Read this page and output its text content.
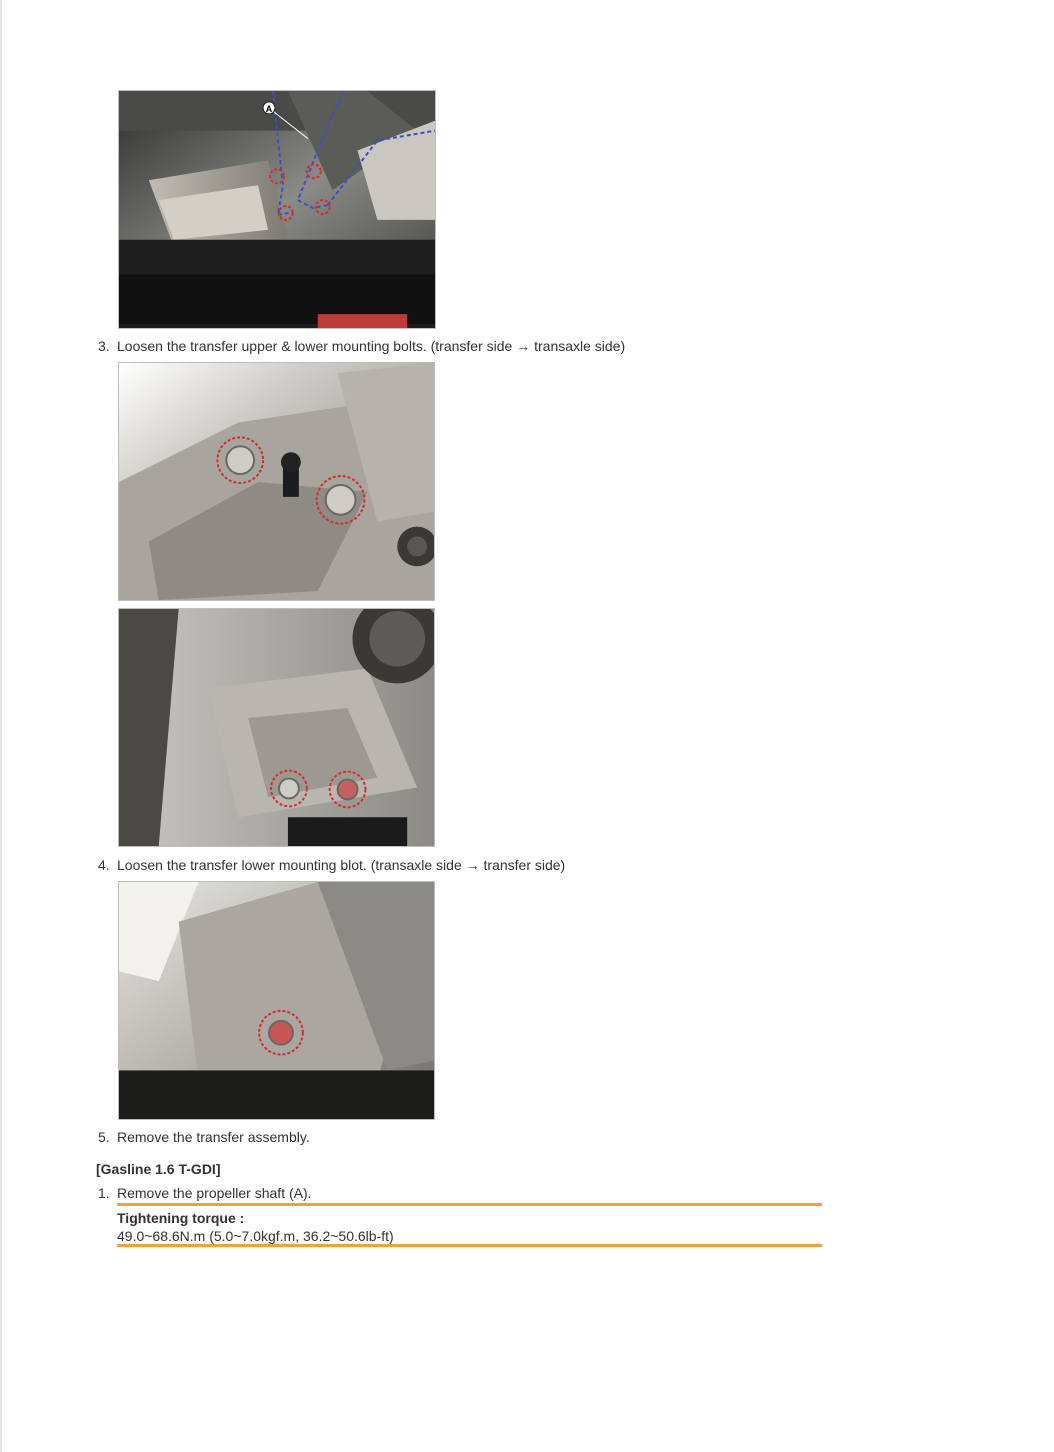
A
3. Loosen the transfer upper & lower mounting bolts. (transfer side → transaxle side)
4. Loosen the transfer lower mounting blot. (transaxle side → transfer side)
5. Remove the transfer assembly.
[Gasline 1.6 T-GDI]
1. Remove the propeller shaft (A).
Tightening torque :
49.0~68.6N.m (5.0~7.0kgf.m, 36.2~50.6lb-ft)
